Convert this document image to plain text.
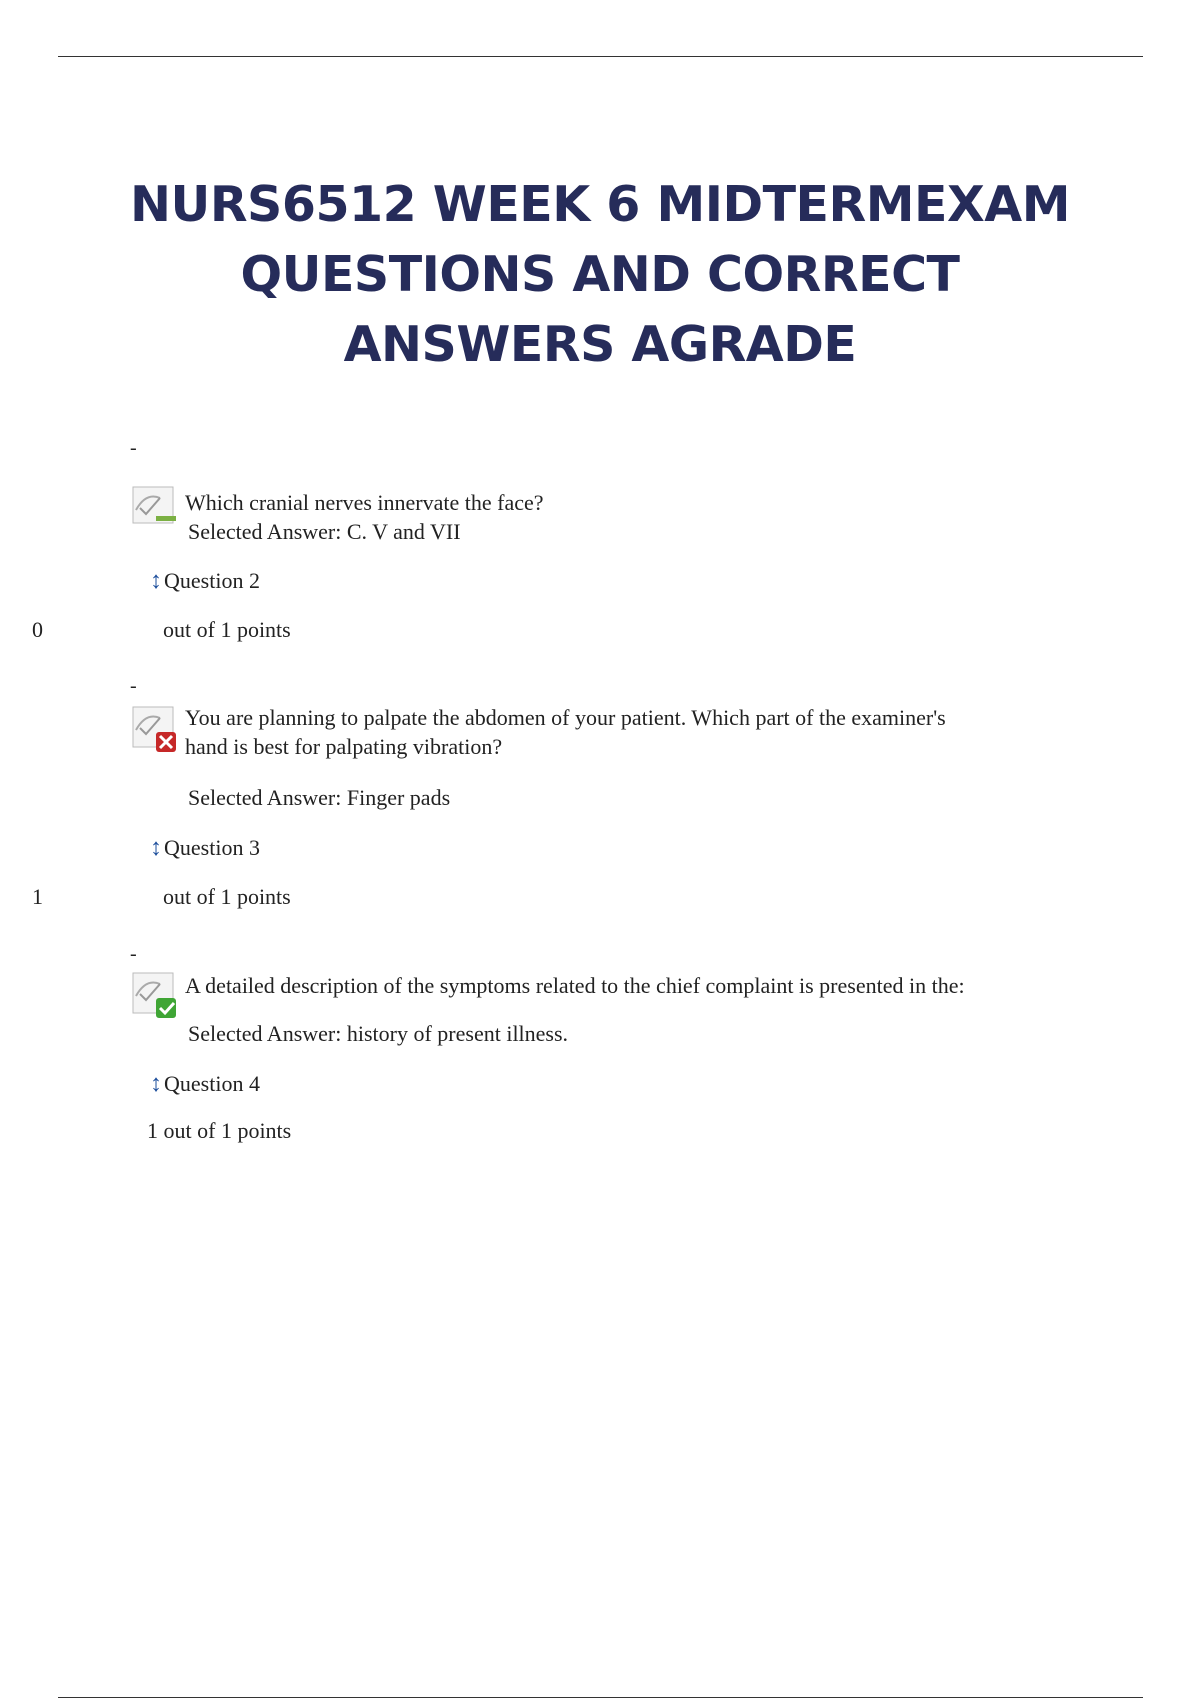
NURS6512 WEEK 6 MIDTERMEXAM
QUESTIONS AND CORRECT
ANSWERS AGRADE
-
Which cranial nerves innervate the face?
Selected Answer: C. V and VII
↕Question 2
0	out of 1 points
-
You are planning to palpate the abdomen of your patient. Which part of the examiner's
hand is best for palpating vibration?
Selected Answer: Finger pads
↕Question 3
1	out of 1 points
-
A detailed description of the symptoms related to the chief complaint is presented in the:
Selected Answer: history of present illness.
↕Question 4
1 out of 1 points
